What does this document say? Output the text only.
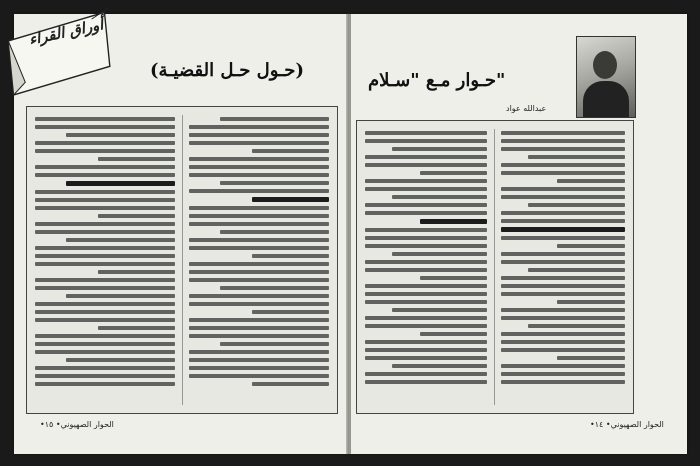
أوراق القراء
(حـول حـل القضيـة)
•الحوار الصهيوني• ١٥
حـوار مـع "سـلام"
عبدالله عواد
•الحوار الصهيوني• ١٤
